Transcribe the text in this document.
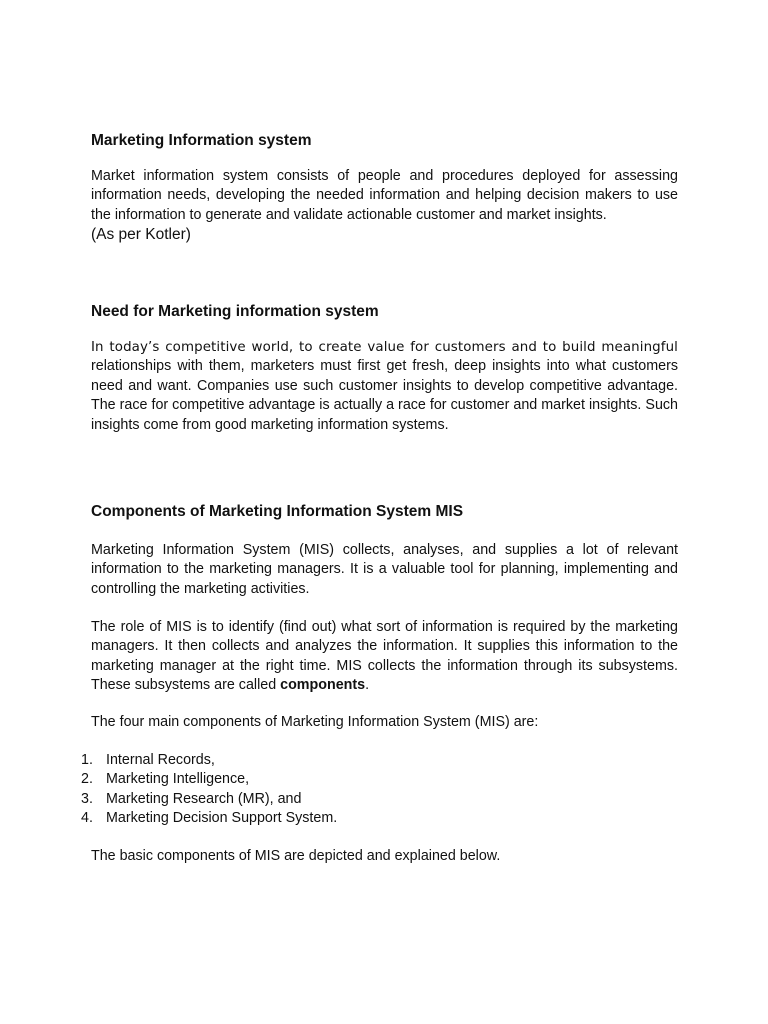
Marketing Information system

Market information system consists of people and procedures deployed for assessing information needs, developing the needed information and helping decision makers to use the information to generate and validate actionable customer and market insights.

(As per Kotler)
Need for Marketing information system

In today’s competitive world, to create value for customers and to build meaningful relationships with them, marketers must first get fresh, deep insights into what customers need and want. Companies use such customer insights to develop competitive advantage. The race for competitive advantage is actually a race for customer and market insights. Such insights come from good marketing information systems.

Components of Marketing Information System MIS

Marketing Information System (MIS) collects, analyses, and supplies a lot of relevant information to the marketing managers. It is a valuable tool for planning, implementing and controlling the marketing activities.

The role of MIS is to identify (find out) what sort of information is required by the marketing managers. It then collects and analyzes the information. It supplies this information to the marketing manager at the right time. MIS collects the information through its subsystems. These subsystems are called components.

The four main components of Marketing Information System (MIS) are:

1. Internal Records,
2. Marketing Intelligence,
3. Marketing Research (MR), and
4. Marketing Decision Support System.

The basic components of MIS are depicted and explained below.
